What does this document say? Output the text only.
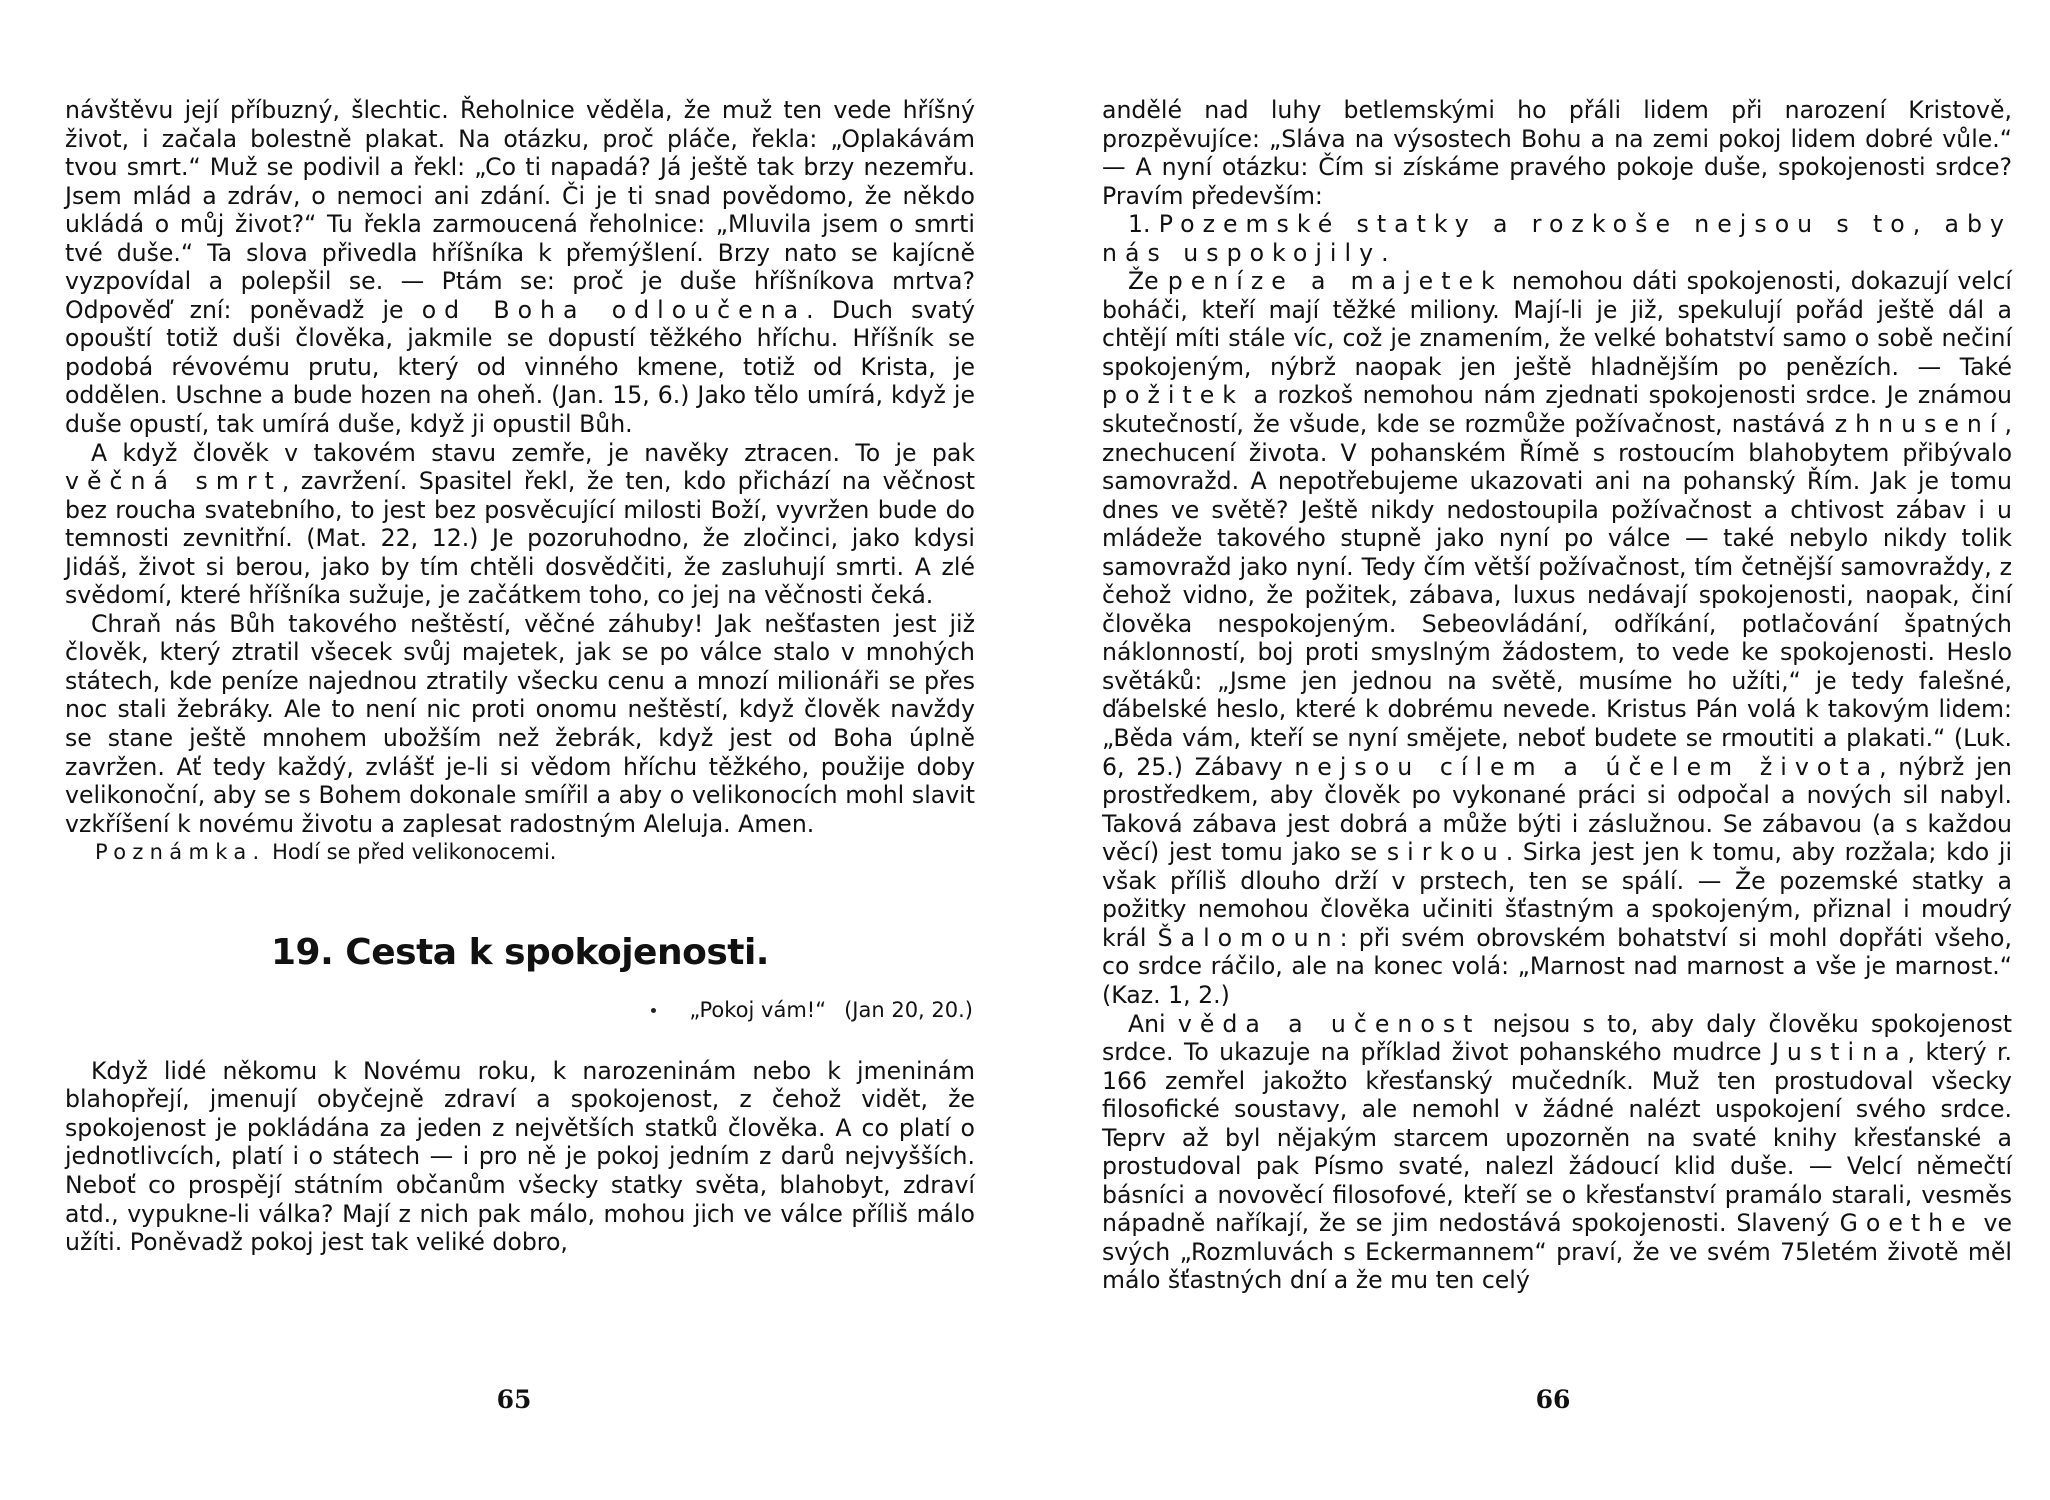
návštěvu její příbuzný, šlechtic. Řeholnice věděla, že muž ten vede hříšný život, i začala bolestně plakat. Na otázku, proč pláče, řekla: „Oplakávám tvou smrt.“ Muž se podivil a řekl: „Co ti napadá? Já ještě tak brzy nezemřu. Jsem mlád a zdráv, o nemoci ani zdání. Či je ti snad povědomo, že někdo ukládá o můj život?“ Tu řekla zarmoucená řeholnice: „Mluvila jsem o smrti tvé duše.“ Ta slova přivedla hříšníka k přemýšlení. Brzy nato se kajícně vyzpovídal a polepšil se. — Ptám se: proč je duše hříšníkova mrtva? Odpověď zní: poněvadž je od Boha odloučena. Duch svatý opouští totiž duši člověka, jakmile se dopustí těžkého hříchu. Hříšník se podobá révovému prutu, který od vinného kmene, totiž od Krista, je oddělen. Uschne a bude hozen na oheň. (Jan. 15, 6.) Jako tělo umírá, když je duše opustí, tak umírá duše, když ji opustil Bůh.

A když člověk v takovém stavu zemře, je navěky ztracen. To je pak věčná smrt, zavržení. Spasitel řekl, že ten, kdo přichází na věčnost bez roucha svatebního, to jest bez posvěcující milosti Boží, vyvržen bude do temnosti zevnitřní. (Mat. 22, 12.) Je pozoruhodno, že zločinci, jako kdysi Jidáš, život si berou, jako by tím chtěli dosvědčiti, že zasluhují smrti. A zlé svědomí, které hříšníka sužuje, je začátkem toho, co jej na věčnosti čeká.

Chraň nás Bůh takového neštěstí, věčné záhuby! Jak nešťasten jest již člověk, který ztratil všecek svůj majetek, jak se po válce stalo v mnohých státech, kde peníze najednou ztratily všecku cenu a mnozí milionáři se přes noc stali žebráky. Ale to není nic proti onomu neštěstí, když člověk navždy se stane ještě mnohem ubožším než žebrák, když jest od Boha úplně zavržen. Ať tedy každý, zvlášť je-li si vědom hříchu těžkého, použije doby velikonoční, aby se s Bohem dokonale smířil a aby o velikonocích mohl slavit vzkříšení k novému životu a zaplesat radostným Aleluja. Amen.

Poznámka. Hodí se před velikonocemi.

19. Cesta k spokojenosti.

„Pokoj vám!“ (Jan 20, 20.)

Když lidé někomu k Novému roku, k narozeninám nebo k jmeninám blahopřejí, jmenují obyčejně zdraví a spokojenost, z čehož vidět, že spokojenost je pokládána za jeden z největších statků člověka. A co platí o jednotlivcích, platí i o státech — i pro ně je pokoj jedním z darů nejvyšších. Neboť co prospějí státním občanům všecky statky světa, blahobyt, zdraví atd., vypukne-li válka? Mají z nich pak málo, mohou jich ve válce příliš málo užíti. Poněvadž pokoj jest tak veliké dobro,

andělé nad luhy betlemskými ho přáli lidem při narození Kristově, prozpěvujíce: „Sláva na výsostech Bohu a na zemi pokoj lidem dobré vůle.“ — A nyní otázku: Čím si získáme pravého pokoje duše, spokojenosti srdce? Pravím především:

1. Pozemské statky a rozkoše nejsou s to, aby nás uspokojily.

Že peníze a majetek nemohou dáti spokojenosti, dokazují velcí boháči, kteří mají těžké miliony. Mají-li je již, spekulují pořád ještě dál a chtějí míti stále víc, což je znamením, že velké bohatství samo o sobě nečiní spokojeným, nýbrž naopak jen ještě hladnějším po penězích. — Také požitek a rozkoš nemohou nám zjednati spokojenosti srdce. Je známou skutečností, že všude, kde se rozmůže požívačnost, nastává zhnusení, znechucení života. V pohanském Římě s rostoucím blahobytem přibývalo samovražd. A nepotřebujeme ukazovati ani na pohanský Řím. Jak je tomu dnes ve světě? Ještě nikdy nedostoupila požívačnost a chtivost zábav i u mládeže takového stupně jako nyní po válce — také nebylo nikdy tolik samovražd jako nyní. Tedy čím větší požívačnost, tím četnější samovraždy, z čehož vidno, že požitek, zábava, luxus nedávají spokojenosti, naopak, činí člověka nespokojeným. Sebeovládání, odříkání, potlačování špatných náklonností, boj proti smyslným žádostem, to vede ke spokojenosti. Heslo světáků: „Jsme jen jednou na světě, musíme ho užíti,“ je tedy falešné, ďábelské heslo, které k dobrému nevede. Kristus Pán volá k takovým lidem: „Běda vám, kteří se nyní smějete, neboť budete se rmoutiti a plakati.“ (Luk. 6, 25.) Zábavy nejsou cílem a účelem života, nýbrž jen prostředkem, aby člověk po vykonané práci si odpočal a nových sil nabyl. Taková zábava jest dobrá a může býti i záslužnou. Se zábavou (a s každou věcí) jest tomu jako se sirkou. Sirka jest jen k tomu, aby rozžala; kdo ji však příliš dlouho drží v prstech, ten se spálí. — Že pozemské statky a požitky nemohou člověka učiniti šťastným a spokojeným, přiznal i moudrý král Šalomoun: při svém obrovském bohatství si mohl dopřáti všeho, co srdce ráčilo, ale na konec volá: „Marnost nad marnost a vše je marnost.“ (Kaz. 1, 2.)

Ani věda a učenost nejsou s to, aby daly člověku spokojenost srdce. To ukazuje na příklad život pohanského mudrce Justina, který r. 166 zemřel jakožto křesťanský mučedník. Muž ten prostudoval všecky filosofické soustavy, ale nemohl v žádné nalézt uspokojení svého srdce. Teprv až byl nějakým starcem upozorněn na svaté knihy křesťanské a prostudoval pak Písmo svaté, nalezl žádoucí klid duše. — Velcí němečtí básníci a novověcí filosofové, kteří se o křesťanství pramálo starali, vesměs nápadně naříkají, že se jim nedostává spokojenosti. Slavený Goethe ve svých „Rozmluvách s Eckermannem“ praví, že ve svém 75letém životě měl málo šťastných dní a že mu ten celý

65	66
